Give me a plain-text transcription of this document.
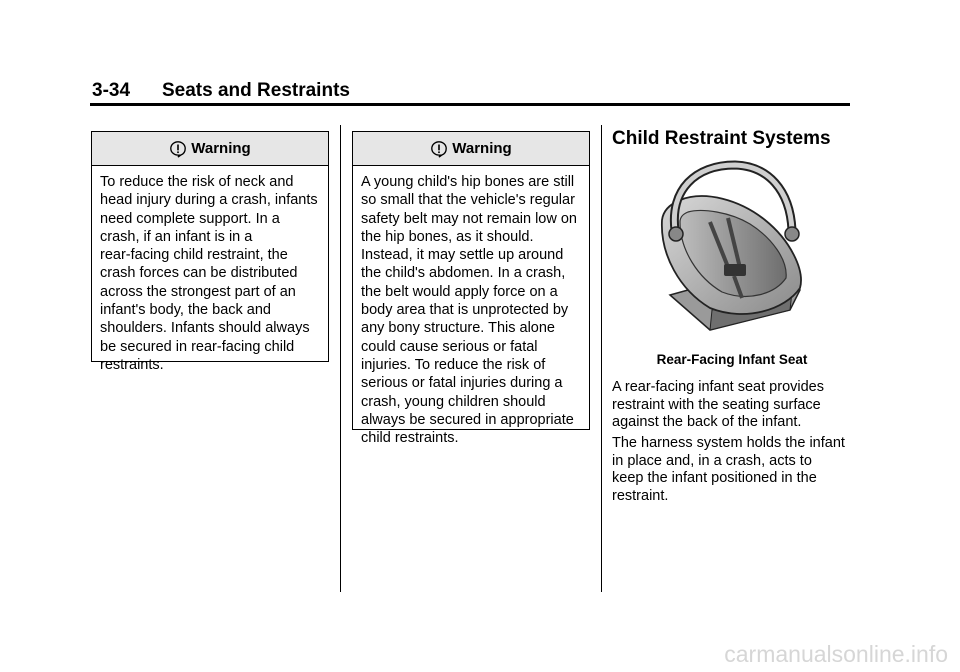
3-34 Seats and Restraints
Warning
To reduce the risk of neck and
head injury during a crash, infants
need complete support. In a
crash, if an infant is in a
rear-facing child restraint, the
crash forces can be distributed
across the strongest part of an
infant's body, the back and
shoulders. Infants should always
be secured in rear-facing child
restraints.
Warning
A young child's hip bones are still
so small that the vehicle's regular
safety belt may not remain low on
the hip bones, as it should.
Instead, it may settle up around
the child's abdomen. In a crash,
the belt would apply force on a
body area that is unprotected by
any bony structure. This alone
could cause serious or fatal
injuries. To reduce the risk of
serious or fatal injuries during a
crash, young children should
always be secured in appropriate
child restraints.
Child Restraint Systems
Rear-Facing Infant Seat
A rear-facing infant seat provides
restraint with the seating surface
against the back of the infant.
The harness system holds the infant
in place and, in a crash, acts to
keep the infant positioned in the
restraint.
carmanualsonline.info
